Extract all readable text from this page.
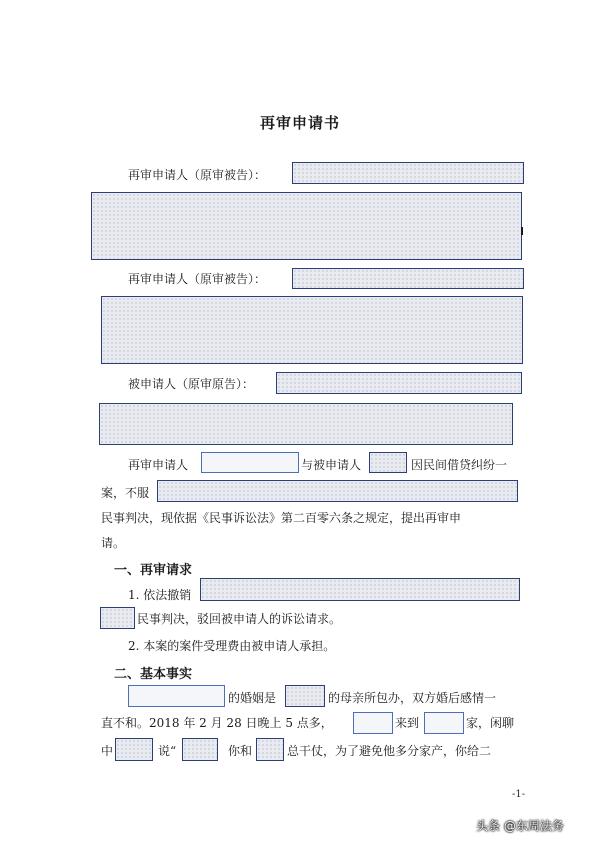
再审申请书
再审申请人（原审被告）：
再审申请人（原审被告）：
被申请人（原审原告）：
再审申请人	与被申请人	因民间借贷纠纷一
案，不服
民事判决，现依据《民事诉讼法》第二百零六条之规定，提出再审申
请。
一、再审请求
1. 依法撤销
民事判决，驳回被申请人的诉讼请求。
2. 本案的案件受理费由被申请人承担。
二、基本事实
的婚姻是	的母亲所包办，双方婚后感情一
直不和。2018 年 2 月 28 日晚上 5 点多，	来到	家，闲聊
中	说“	你和	总干仗，为了避免他多分家产，你给二
-1-
头条 @东周法务
